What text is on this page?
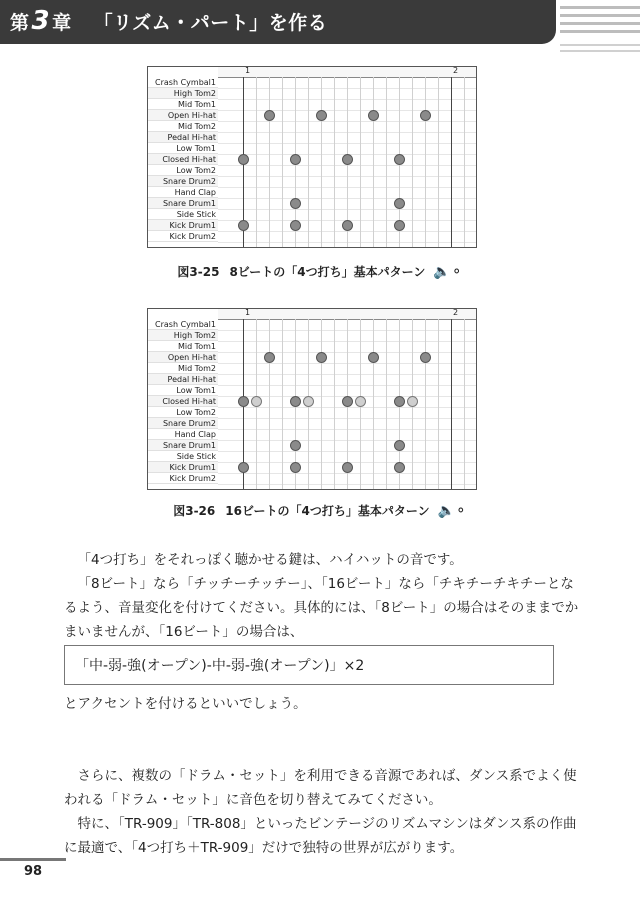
第3 章 「リズム・パート」を作る
Crash Cymbal1
High Tom2
Mid Tom1
Open Hi-hat
Mid Tom2
Pedal Hi-hat
Low Tom1
Closed Hi-hat
Low Tom2
Snare Drum2
Hand Clap
Snare Drum1
Side Stick
Kick Drum1
Kick Drum2
1	2
図3-25 8ビートの「4つ打ち」基本パターン 🔈⚬
Crash Cymbal1
High Tom2
Mid Tom1
Open Hi-hat
Mid Tom2
Pedal Hi-hat
Low Tom1
Closed Hi-hat
Low Tom2
Snare Drum2
Hand Clap
Snare Drum1
Side Stick
Kick Drum1
Kick Drum2
1	2
図3-26 16ビートの「4つ打ち」基本パターン 🔈⚬
「4つ打ち」をそれっぽく聴かせる鍵は、ハイハットの音です。
「8ビート」なら「チッチーチッチー」、「16ビート」なら「チキチーチキチーとなるよう、音量変化を付けてください。具体的には、「8ビート」の場合はそのままでかまいませんが、「16ビート」の場合は、
「中-弱-強(オープン)-中-弱-強(オープン)」×2
とアクセントを付けるといいでしょう。
さらに、複数の「ドラム・セット」を利用できる音源であれば、ダンス系でよく使われる「ドラム・セット」に音色を切り替えてみてください。
特に、「TR-909」「TR-808」といったビンテージのリズムマシンはダンス系の作曲に最適で、「4つ打ち＋TR-909」だけで独特の世界が広がります。
98
